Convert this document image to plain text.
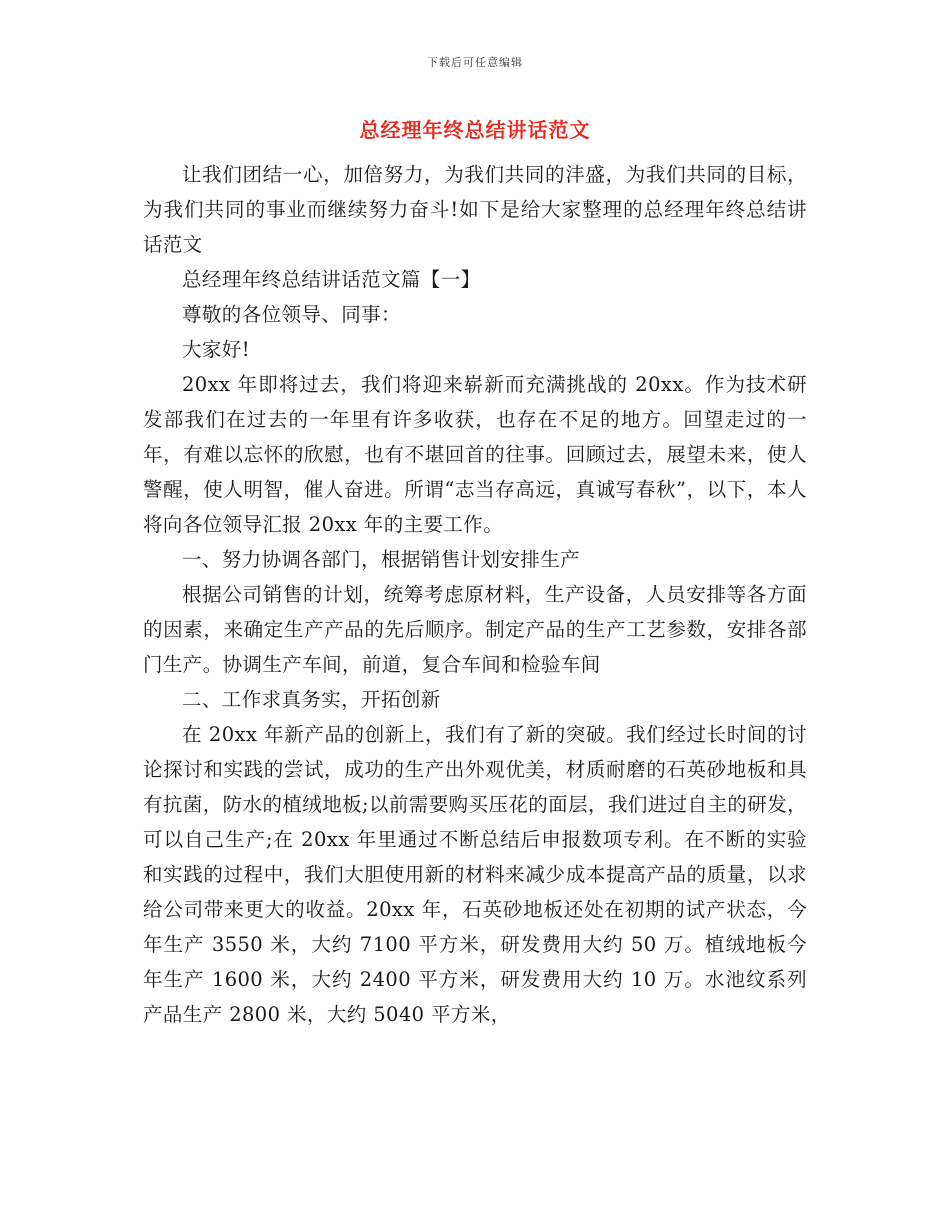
下载后可任意编辑
总经理年终总结讲话范文

让我们团结一心，加倍努力，为我们共同的沣盛，为我们共同的目标，为我们共同的事业而继续努力奋斗!如下是给大家整理的总经理年终总结讲话范文

总经理年终总结讲话范文篇【一】

尊敬的各位领导、同事：

大家好!

20xx 年即将过去，我们将迎来崭新而充满挑战的 20xx。作为技术研发部我们在过去的一年里有许多收获，也存在不足的地方。回望走过的一年，有难以忘怀的欣慰，也有不堪回首的往事。回顾过去，展望未来，使人警醒，使人明智，催人奋进。所谓“志当存高远，真诚写春秋”，以下，本人将向各位领导汇报 20xx 年的主要工作。

一、努力协调各部门，根据销售计划安排生产

根据公司销售的计划，统筹考虑原材料，生产设备，人员安排等各方面的因素，来确定生产产品的先后顺序。制定产品的生产工艺参数，安排各部门生产。协调生产车间，前道，复合车间和检验车间

二、工作求真务实，开拓创新

在 20xx 年新产品的创新上，我们有了新的突破。我们经过长时间的讨论探讨和实践的尝试，成功的生产出外观优美，材质耐磨的石英砂地板和具有抗菌，防水的植绒地板;以前需要购买压花的面层，我们进过自主的研发，可以自己生产;在 20xx 年里通过不断总结后申报数项专利。在不断的实验和实践的过程中，我们大胆使用新的材料来减少成本提高产品的质量，以求给公司带来更大的收益。20xx 年，石英砂地板还处在初期的试产状态，今年生产 3550 米，大约 7100 平方米，研发费用大约 50 万。植绒地板今年生产 1600 米，大约 2400 平方米，研发费用大约 10 万。水池纹系列产品生产 2800 米，大约 5040 平方米，
